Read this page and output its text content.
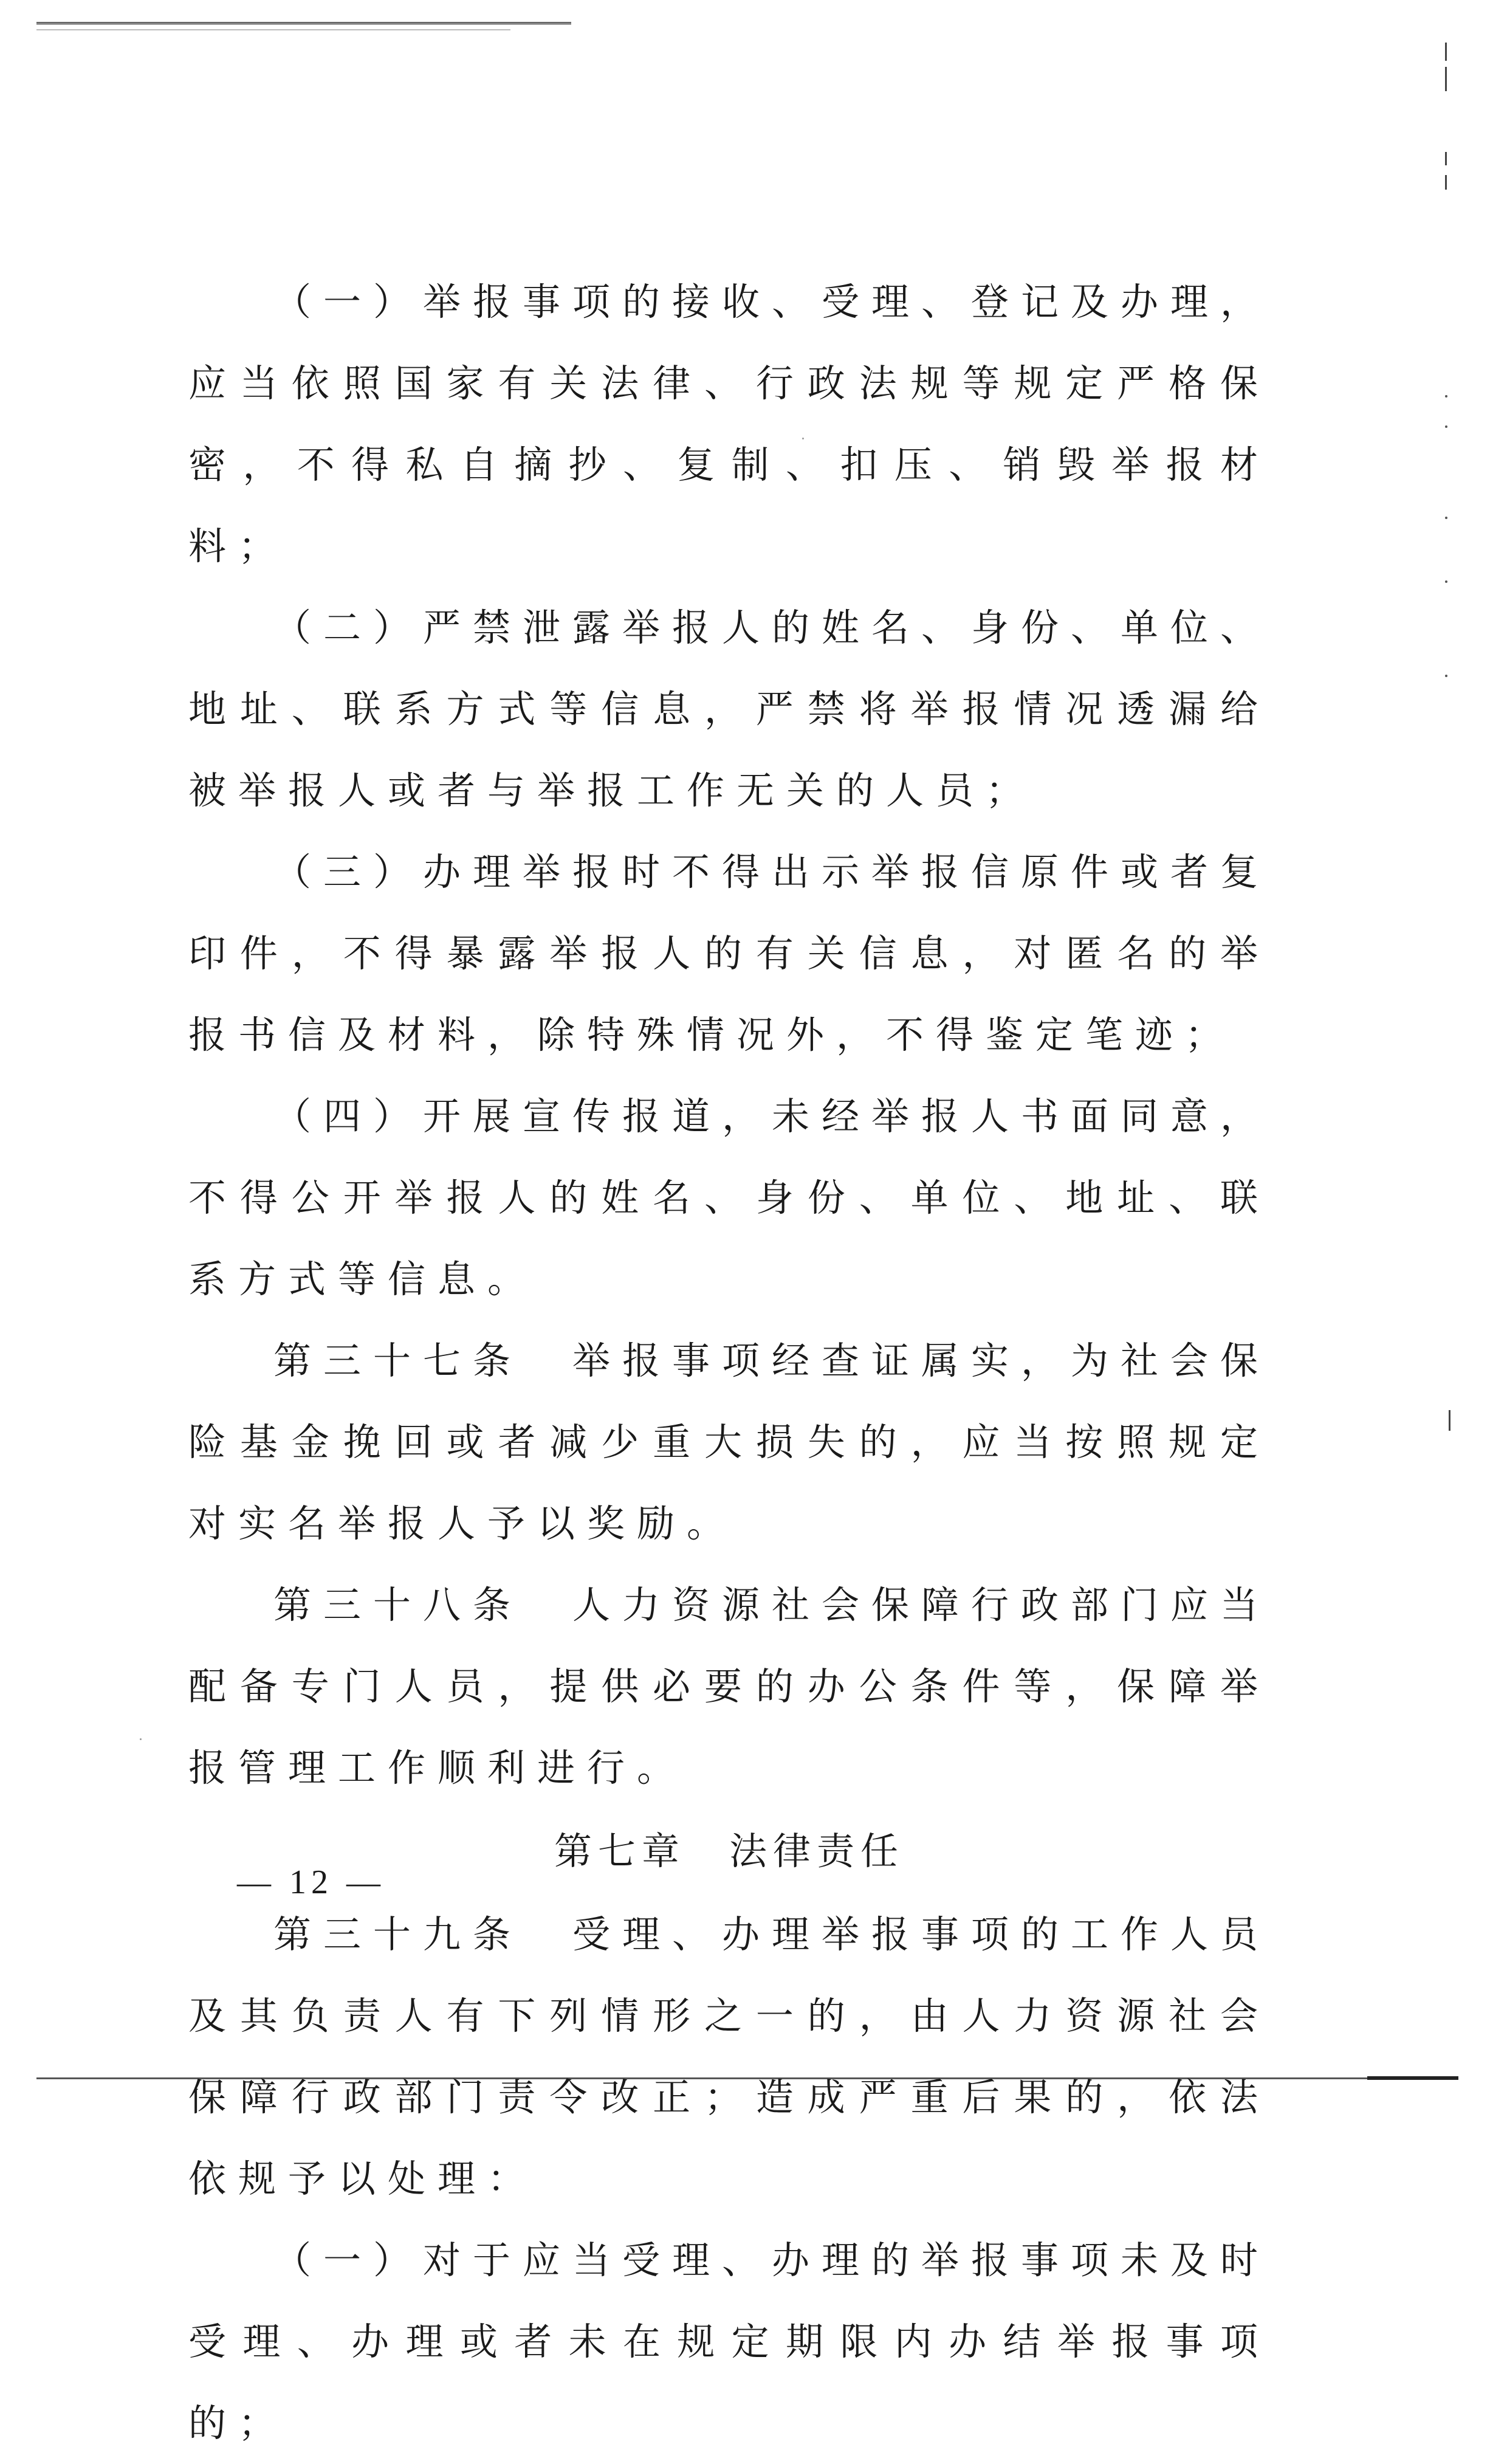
（一）举报事项的接收、受理、登记及办理，应当依照国家有关法律、行政法规等规定严格保密，不得私自摘抄、复制、扣压、销毁举报材料；

（二）严禁泄露举报人的姓名、身份、单位、地址、联系方式等信息，严禁将举报情况透漏给被举报人或者与举报工作无关的人员；

（三）办理举报时不得出示举报信原件或者复印件，不得暴露举报人的有关信息，对匿名的举报书信及材料，除特殊情况外，不得鉴定笔迹；

（四）开展宣传报道，未经举报人书面同意，不得公开举报人的姓名、身份、单位、地址、联系方式等信息。

第三十七条　举报事项经查证属实，为社会保险基金挽回或者减少重大损失的，应当按照规定对实名举报人予以奖励。

第三十八条　人力资源社会保障行政部门应当配备专门人员，提供必要的办公条件等，保障举报管理工作顺利进行。

第七章　法律责任

第三十九条　受理、办理举报事项的工作人员及其负责人有下列情形之一的，由人力资源社会保障行政部门责令改正；造成严重后果的，依法依规予以处理：

（一）对于应当受理、办理的举报事项未及时受理、办理或者未在规定期限内办结举报事项的；

— 12 —
